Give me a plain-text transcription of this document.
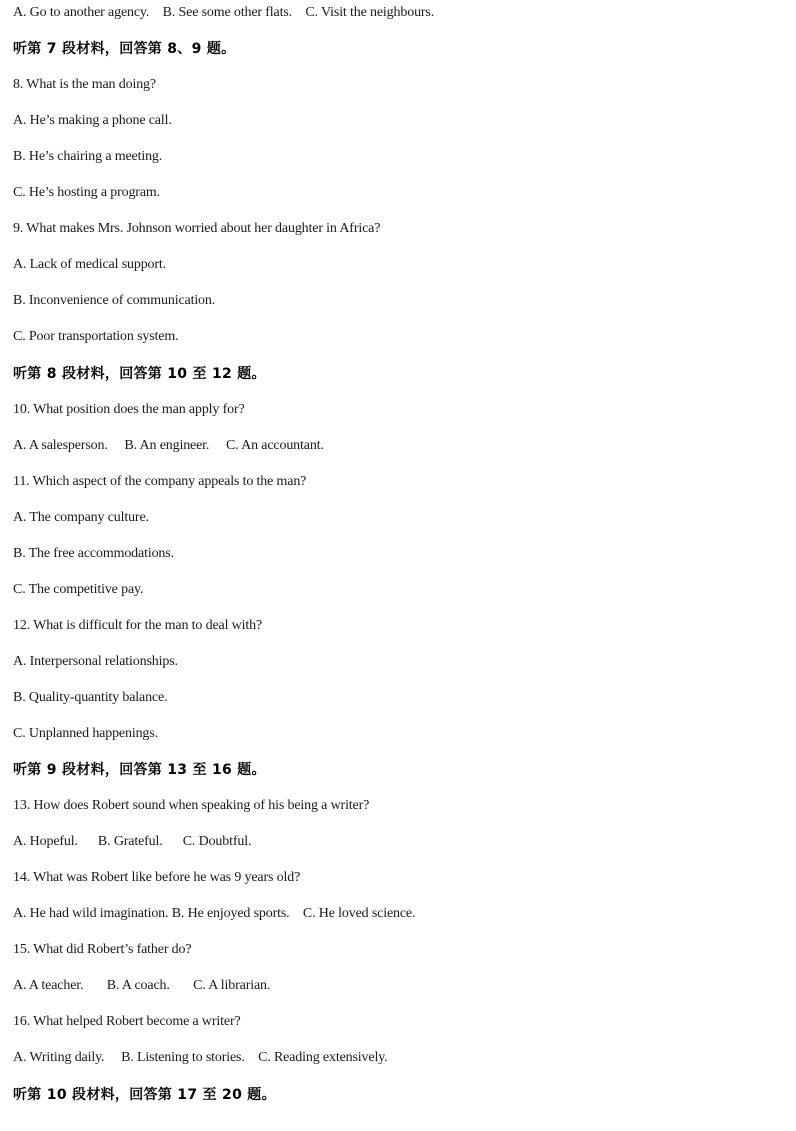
A. Go to another agency.    B. See some other flats.    C. Visit the neighbours.
听第 7 段材料，回答第 8、9 题。
8. What is the man doing?
A. He’s making a phone call.
B. He’s chairing a meeting.
C. He’s hosting a program.
9. What makes Mrs. Johnson worried about her daughter in Africa?
A. Lack of medical support.
B. Inconvenience of communication.
C. Poor transportation system.
听第 8 段材料，回答第 10 至 12 题。
10. What position does the man apply for?
A. A salesperson.     B. An engineer.     C. An accountant.
11. Which aspect of the company appeals to the man?
A. The company culture.
B. The free accommodations.
C. The competitive pay.
12. What is difficult for the man to deal with?
A. Interpersonal relationships.
B. Quality-quantity balance.
C. Unplanned happenings.
听第 9 段材料，回答第 13 至 16 题。
13. How does Robert sound when speaking of his being a writer?
A. Hopeful.      B. Grateful.      C. Doubtful.
14. What was Robert like before he was 9 years old?
A. He had wild imagination. B. He enjoyed sports.    C. He loved science.
15. What did Robert’s father do?
A. A teacher.       B. A coach.       C. A librarian.
16. What helped Robert become a writer?
A. Writing daily.     B. Listening to stories.    C. Reading extensively.
听第 10 段材料，回答第 17 至 20 题。
